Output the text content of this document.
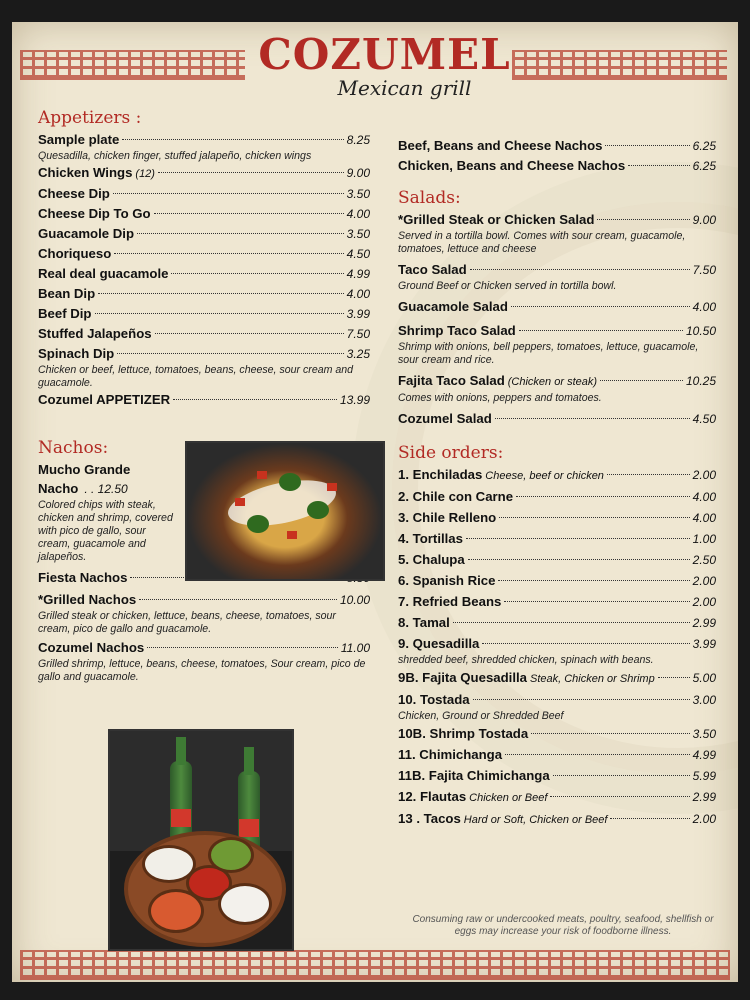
COZUMEL
Mexican grill
Appetizers :
Sample plate	8.25
Quesadilla, chicken finger, stuffed jalapeño, chicken wings
Chicken Wings (12)	9.00
Cheese Dip	3.50
Cheese Dip To Go	4.00
Guacamole Dip	3.50
Choriqueso	4.50
Real deal guacamole	4.99
Bean Dip	4.00
Beef Dip	3.99
Stuffed Jalapeños	7.50
Spinach Dip	3.25
Chicken or beef, lettuce, tomatoes, beans, cheese, sour cream and guacamole.
Cozumel APPETIZER	13.99
Nachos:
Mucho Grande
Nacho . . 12.50
Colored chips with steak, chicken and shrimp, covered with pico de gallo, sour cream, guacamole and jalapeños.
Fiesta Nachos
*Grilled Nachos	10.00
Grilled steak or chicken, lettuce, beans, cheese, tomatoes, sour cream, pico de gallo and guacamole.
Cozumel Nachos	11.00
Grilled shrimp, lettuce, beans, cheese, tomatoes, Sour cream, pico de gallo and guacamole.
Beef, Beans and Cheese Nachos	6.25
Chicken, Beans and Cheese Nachos	6.25
Salads:
*Grilled Steak or Chicken Salad	9.00
Served in a tortilla bowl. Comes with sour cream, guacamole, tomatoes, lettuce and cheese
Taco Salad	7.50
Ground Beef or Chicken served in tortilla bowl.
Guacamole Salad	4.00
Shrimp Taco Salad	10.50
Shrimp with onions, bell peppers, tomatoes, lettuce, guacamole, sour cream and rice.
Fajita Taco Salad (Chicken or steak)	10.25
Comes with onions, peppers and tomatoes.
Cozumel Salad	4.50
Side orders:
1. Enchiladas Cheese, beef or chicken	2.00
2. Chile con Carne	4.00
3. Chile Relleno	4.00
4. Tortillas	1.00
5. Chalupa	2.50
6. Spanish Rice	2.00
7. Refried Beans	2.00
8. Tamal	2.99
9. Quesadilla	3.99
shredded beef, shredded chicken, spinach with beans.
9B. Fajita Quesadilla Steak, Chicken or Shrimp	5.00
10. Tostada	3.00
Chicken, Ground or Shredded Beef
10B. Shrimp Tostada	3.50
11. Chimichanga	4.99
11B. Fajita Chimichanga	5.99
12. Flautas Chicken or Beef	2.99
13 . Tacos Hard or Soft, Chicken or Beef	2.00
Consuming raw or undercooked meats, poultry, seafood, shellfish or eggs may increase your risk of foodborne illness.
